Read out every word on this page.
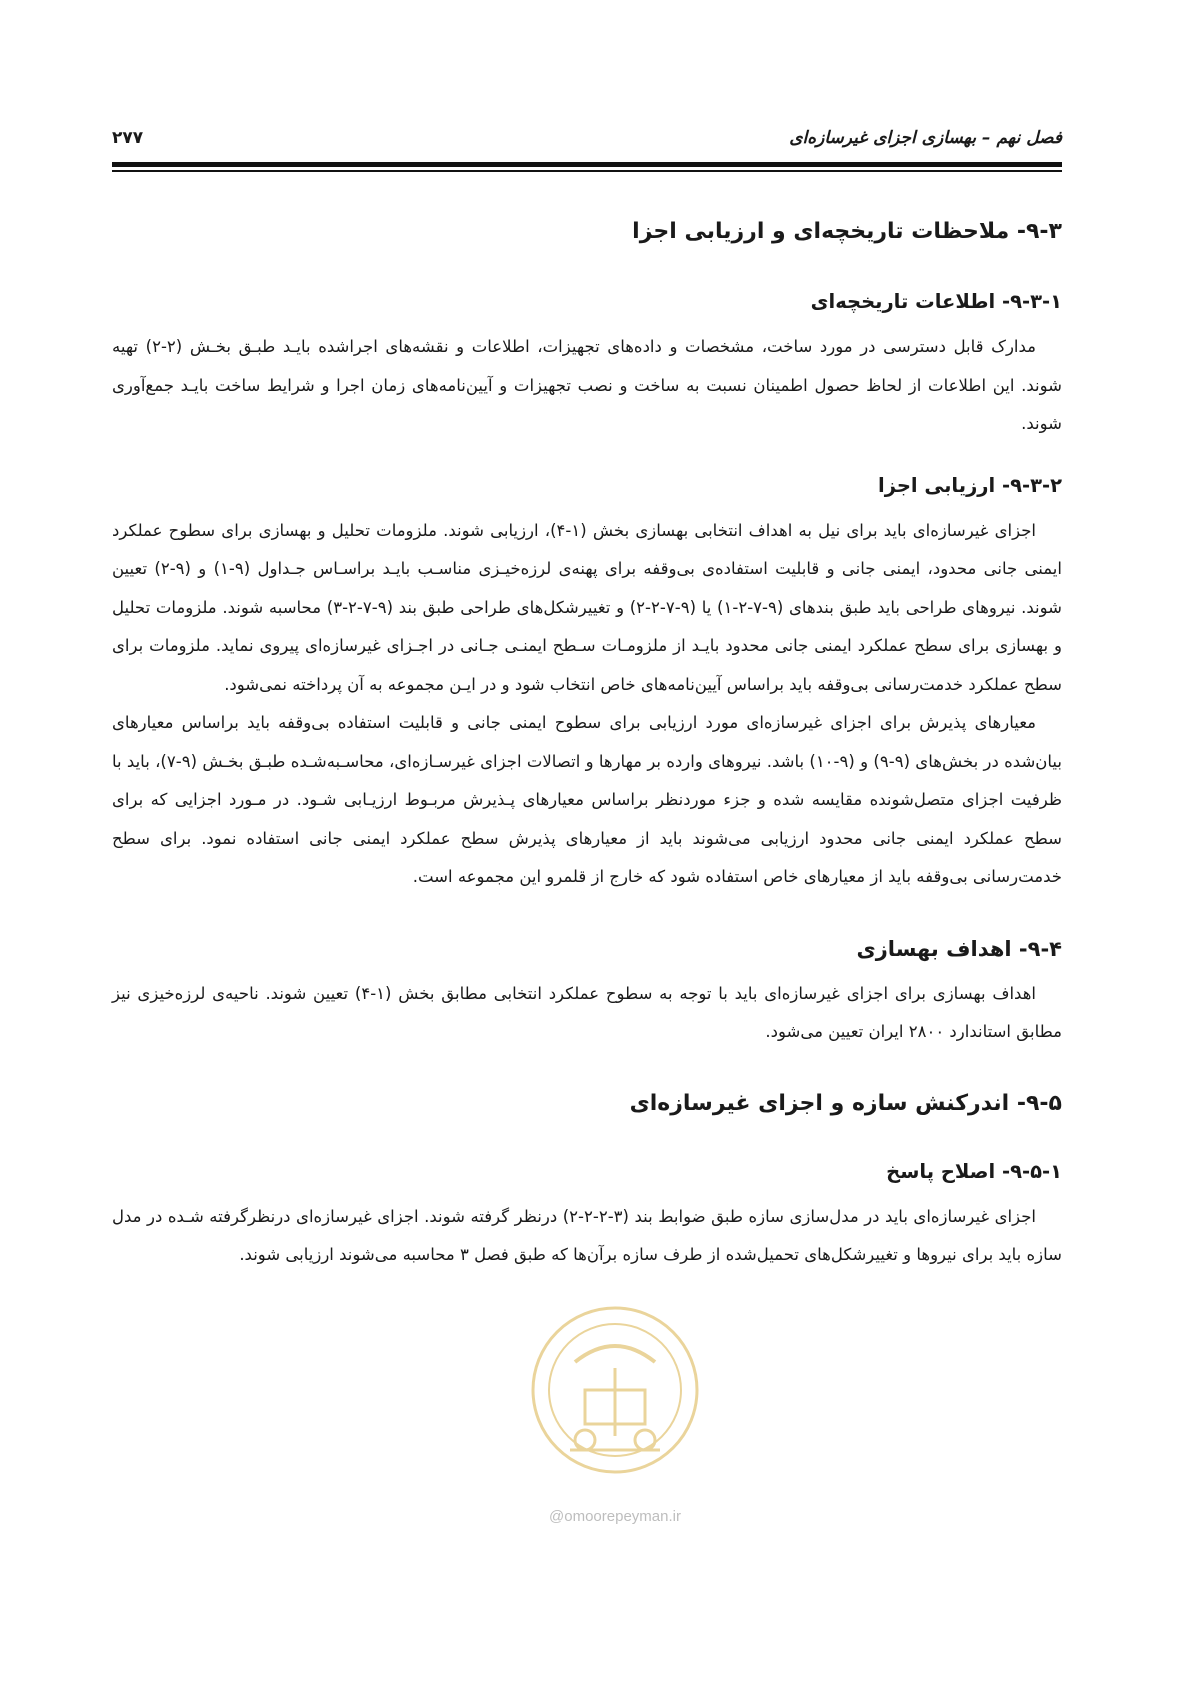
۲۷۷	فصل نهم – بهسازی اجزای غیرسازه‌ای
۹-۳- ملاحظات تاریخچه‌ای و ارزیابی اجزا
۹-۳-۱- اطلاعات تاریخچه‌ای

مدارک قابل دسترسی در مورد ساخت، مشخصات و داده‌های تجهیزات، اطلاعات و نقشه‌های اجراشده بایـد طبـق بخـش (۲-۲) تهیه شوند. این اطلاعات از لحاظ حصول اطمینان نسبت به ساخت و نصب تجهیزات و آیین‌نامه‌های زمان اجرا و شرایط ساخت بایـد جمع‌آوری شوند.

۹-۳-۲- ارزیابی اجزا

اجزای غیرسازه‌ای باید برای نیل به اهداف انتخابی بهسازی بخش (۱-۴)، ارزیابی شوند. ملزومات تحلیل و بهسازی برای سطوح عملکرد ایمنی جانی محدود، ایمنی جانی و قابلیت استفاده‌ی بی‌وقفه برای پهنه‌ی لرزه‌خیـزی مناسـب بایـد براسـاس جـداول (۹-۱) و (۹-۲) تعیین شوند. نیروهای طراحی باید طبق بندهای (۹-۷-۲-۱) یا (۹-۷-۲-۲) و تغییرشکل‌های طراحی طبق بند (۹-۷-۲-۳) محاسبه شوند. ملزومات تحلیل و بهسازی برای سطح عملکرد ایمنی جانی محدود بایـد از ملزومـات سـطح ایمنـی جـانی در اجـزای غیرسازه‌ای پیروی نماید. ملزومات برای سطح عملکرد خدمت‌رسانی بی‌وقفه باید براساس آیین‌نامه‌های خاص انتخاب شود و در ایـن مجموعه به آن پرداخته نمی‌شود.

معیارهای پذیرش برای اجزای غیرسازه‌ای مورد ارزیابی برای سطوح ایمنی جانی و قابلیت استفاده بی‌وقفه باید براساس معیارهای بیان‌شده در بخش‌های (۹-۹) و (۹-۱۰) باشد. نیروهای وارده بر مهارها و اتصالات اجزای غیرسـازه‌ای، محاسـبه‌شـده طبـق بخـش (۹-۷)، باید با ظرفیت اجزای متصل‌شونده مقایسه شده و جزء موردنظر براساس معیارهای پـذیرش مربـوط ارزیـابی شـود. در مـورد اجزایی که برای سطح عملکرد ایمنی جانی محدود ارزیابی می‌شوند باید از معیارهای پذیرش سطح عملکرد ایمنی جانی استفاده نمود. برای سطح خدمت‌رسانی بی‌وقفه باید از معیارهای خاص استفاده شود که خارج از قلمرو این مجموعه است.

۹-۴- اهداف بهسازی

اهداف بهسازی برای اجزای غیرسازه‌ای باید با توجه به سطوح عملکرد انتخابی مطابق بخش (۱-۴) تعیین شوند. ناحیه‌ی لرزه‌خیزی نیز مطابق استاندارد ۲۸۰۰ ایران تعیین می‌شود.

۹-۵- اندرکنش سازه و اجزای غیرسازه‌ای
۹-۵-۱- اصلاح پاسخ

اجزای غیرسازه‌ای باید در مدل‌سازی سازه طبق ضوابط بند (۳-۲-۲-۲) درنظر گرفته شوند. اجزای غیرسازه‌ای درنظرگرفته شـده در مدل سازه باید برای نیروها و تغییرشکل‌های تحمیل‌شده از طرف سازه برآن‌ها که طبق فصل ۳ محاسبه می‌شوند ارزیابی شوند.

@omoorepeyman.ir
